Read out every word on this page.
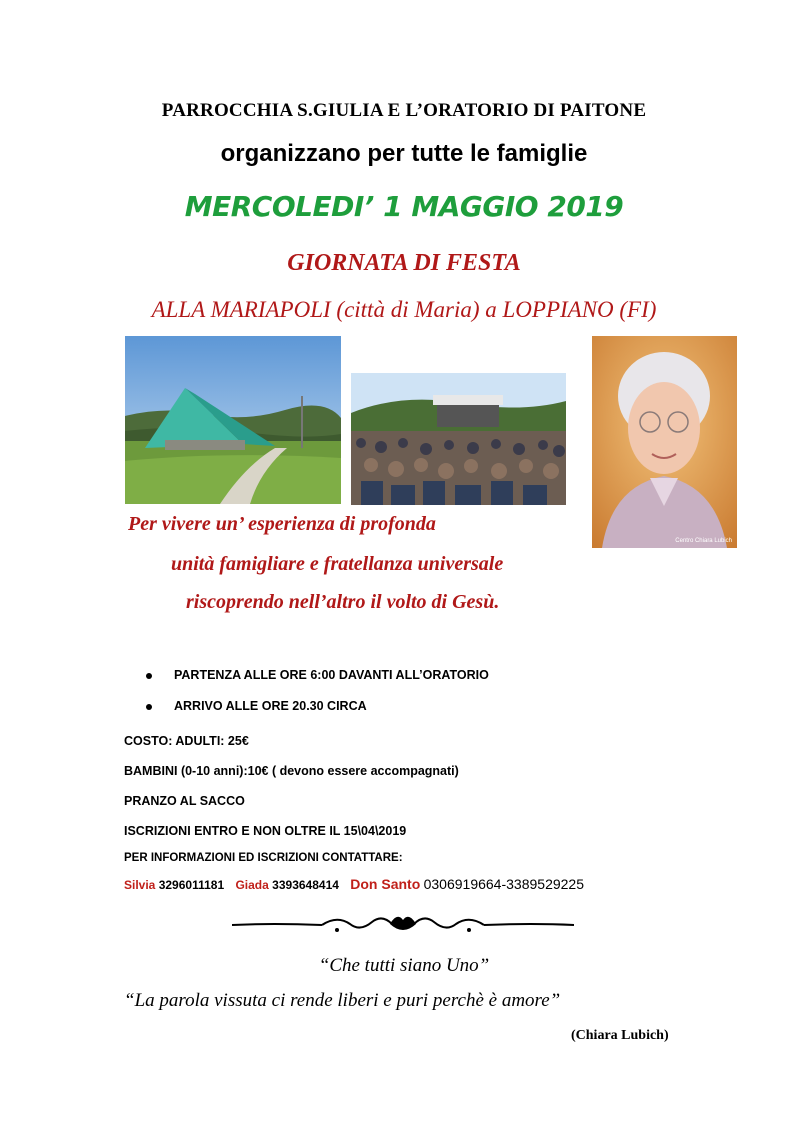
PARROCCHIA S.GIULIA E L’ORATORIO DI PAITONE
organizzano per tutte le famiglie
MERCOLEDI’ 1 MAGGIO 2019
GIORNATA DI FESTA
ALLA MARIAPOLI (città di Maria) a LOPPIANO (FI)
Centro Chiara Lubich
Per vivere un’ esperienza di profonda
unità famigliare e fratellanza universale
riscoprendo nell’altro il volto di Gesù.
PARTENZA ALLE ORE 6:00 DAVANTI ALL’ORATORIO
ARRIVO ALLE ORE 20.30 CIRCA
COSTO: ADULTI: 25€
BAMBINI (0-10 anni):10€ ( devono essere accompagnati)
PRANZO AL SACCO
ISCRIZIONI ENTRO E NON OLTRE IL 15\04\2019
PER INFORMAZIONI ED ISCRIZIONI CONTATTARE:
Silvia 3296011181 Giada 3393648414 Don Santo 0306919664-3389529225
“Che tutti siano Uno”
“La parola vissuta ci rende liberi e puri perchè è amore”
(Chiara Lubich)
